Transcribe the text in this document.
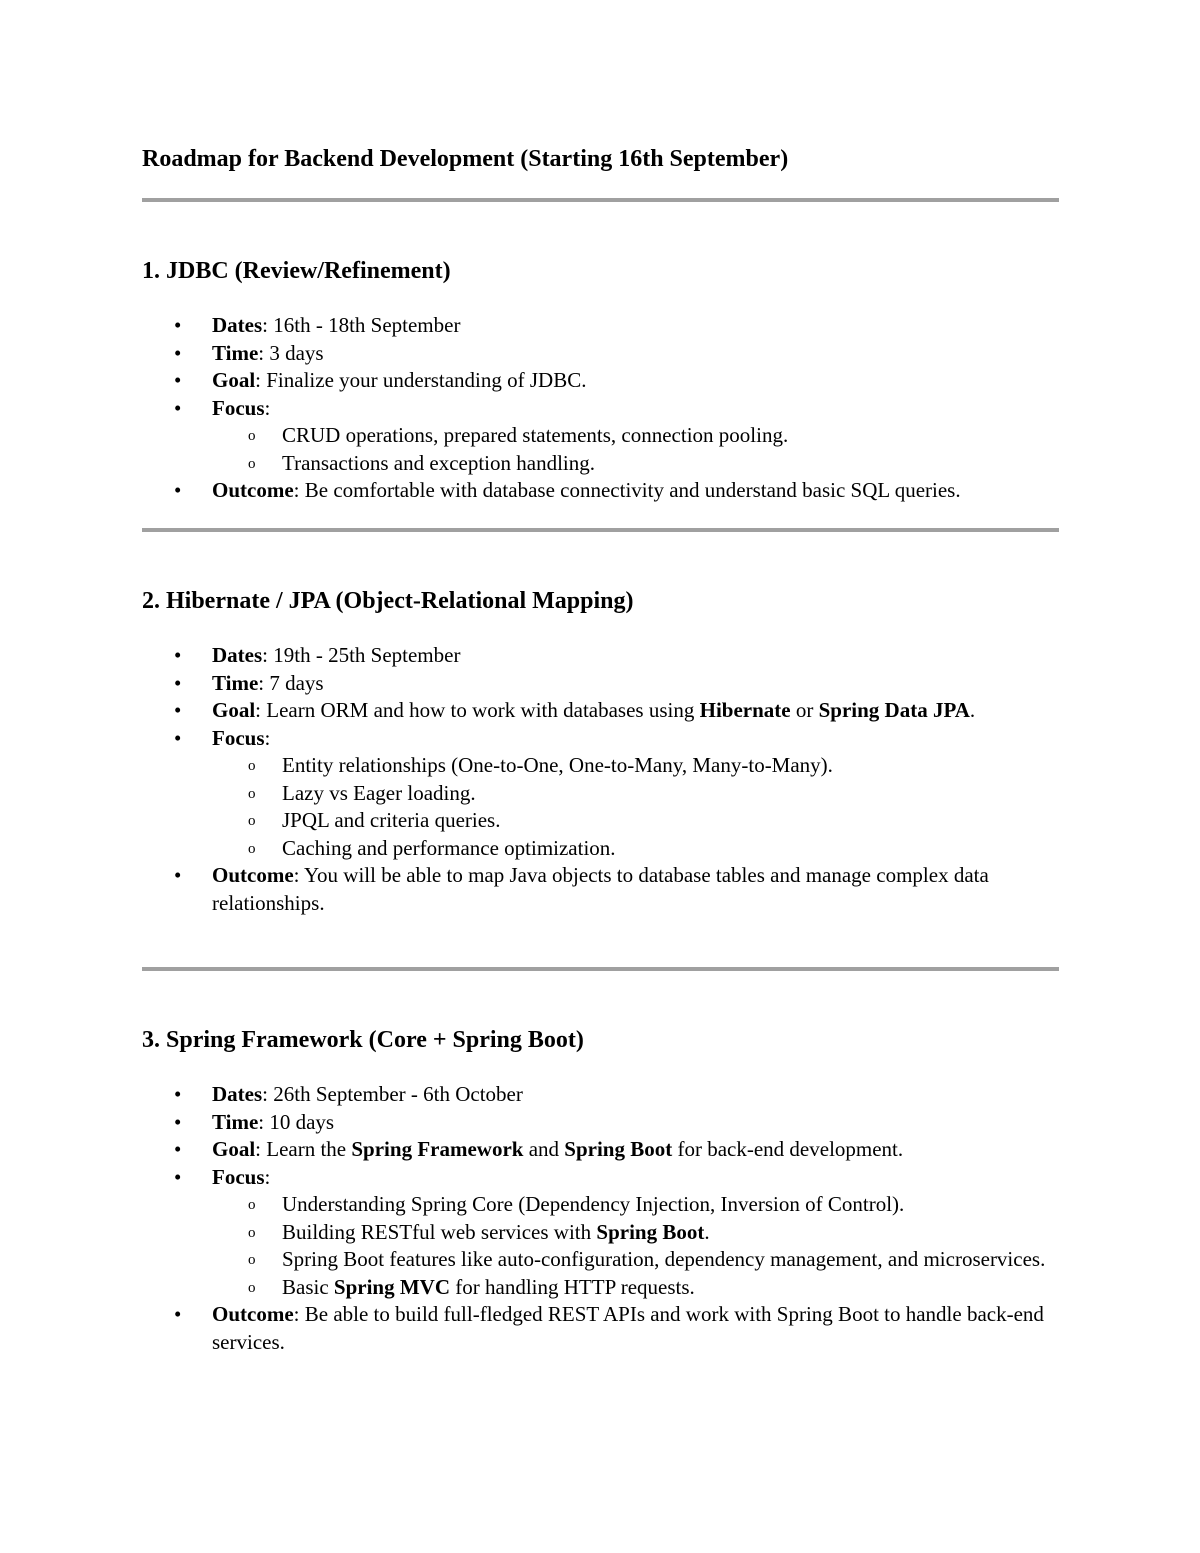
Roadmap for Backend Development (Starting 16th September)
1. JDBC (Review/Refinement)
• Dates: 16th - 18th September
• Time: 3 days
• Goal: Finalize your understanding of JDBC.
• Focus:
o CRUD operations, prepared statements, connection pooling.
o Transactions and exception handling.
• Outcome: Be comfortable with database connectivity and understand basic SQL queries.
2. Hibernate / JPA (Object-Relational Mapping)
• Dates: 19th - 25th September
• Time: 7 days
• Goal: Learn ORM and how to work with databases using Hibernate or Spring Data JPA.
• Focus:
o Entity relationships (One-to-One, One-to-Many, Many-to-Many).
o Lazy vs Eager loading.
o JPQL and criteria queries.
o Caching and performance optimization.
• Outcome: You will be able to map Java objects to database tables and manage complex data relationships.
3. Spring Framework (Core + Spring Boot)
• Dates: 26th September - 6th October
• Time: 10 days
• Goal: Learn the Spring Framework and Spring Boot for back-end development.
• Focus:
o Understanding Spring Core (Dependency Injection, Inversion of Control).
o Building RESTful web services with Spring Boot.
o Spring Boot features like auto-configuration, dependency management, and microservices.
o Basic Spring MVC for handling HTTP requests.
• Outcome: Be able to build full-fledged REST APIs and work with Spring Boot to handle back-end services.
